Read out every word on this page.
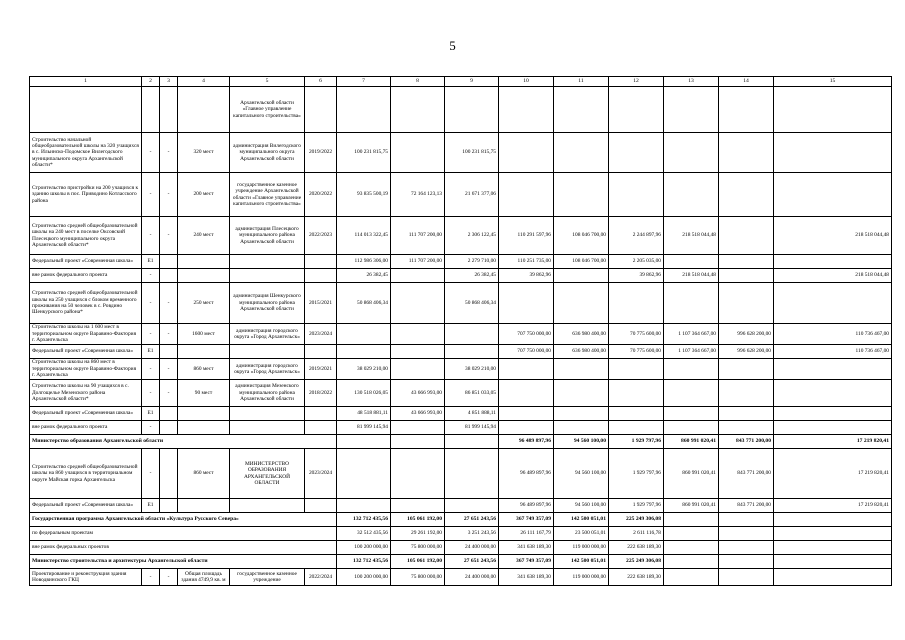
5
1	2	3	4	5	6	7	8	9	10	11	12	13	14	15
				Архангельской области «Главное управление капитального строительства»										
Строительство начальной общеобразовательной школы на 320 учащихся в с. Ильинско-Подомское Вилегодского муниципального округа Архангельской области*	-	-	320 мест	администрация Вилегодского муниципального округа Архангельской области	2019/2022	100 231 815,75		100 231 815,75						
Строительство пристройки на 200 учащихся к зданию школы в пос. Приводино Котласского района	-	-	200 мест	государственное казенное учреждение Архангельской области «Главное управление капитального строительства»	2020/2022	93 835 500,19	72 164 123,13	21 671 377,06						
Строительство средней общеобразовательной школы на 240 мест в поселке Оксовский Плесецкого муниципального округа Архангельской области*	-	-	240 мест	администрация Плесецкого муниципального района Архангельской области	2022/2023	114 013 322,45	111 707 200,00	2 306 122,45	110 291 597,96	108 046 700,00	2 244 897,96	218 518 044,48		218 518 044,48
Федеральный проект «Современная школа»	Е1					112 986 306,00	111 707 200,00	2 279 710,00	110 251 735,00	108 046 700,00	2 205 035,00			
вне рамок федерального проекта	-					26 382,45		26 382,45	39 862,96		39 862,96	218 518 044,48		218 518 044,48
Строительство средней общеобразовательной школы на 250 учащихся с блоком временного проживания на 50 человек в с. Ровдино Шенкурского района*	-	-	250 мест	администрация Шенкурского муниципального района Архангельской области	2015/2021	50 868 406,34		50 868 406,34						
Строительство школы на 1 600 мест в территориальном округе Варавино-Фактория г. Архангельска	-	-	1600 мест	администрация городского округа «Город Архангельск»	2023/2024				707 750 000,00	636 980 400,00	70 775 600,00	1 107 364 667,00	996 628 200,00	110 736 467,00
Федеральный проект «Современная школа»	Е1								707 750 000,00	636 980 400,00	70 775 600,00	1 107 364 667,00	996 628 200,00	110 736 467,00
Строительство школы на 860 мест в территориальном округе Варавино-Фактория г. Архангельска	-	-	860 мест	администрация городского округа «Город Архангельск»	2019/2021	38 029 210,00		38 029 210,00						
Строительство школы на 90 учащихся в с. Долгощелье Мезенского района Архангельской области*	-	-	90 мест	администрация Мезенского муниципального района Архангельской области	2018/2022	130 518 026,05	43 666 993,00	86 851 033,05						
Федеральный проект «Современная школа»	Е1					48 518 881,11	43 666 993,00	4 851 888,11						
вне рамок федерального проекта	-					81 999 145,94		81 999 145,94						
Министерство образования Архангельской области									96 489 897,96	94 560 100,00	1 929 797,96	860 991 020,41	843 771 200,00	17 219 820,41
Строительство средней общеобразовательной школы на 860 учащихся в территориальном округе Майская горка Архангельска	-		860 мест	МИНИСТЕРСТВО ОБРАЗОВАНИЯ АРХАНГЕЛЬСКОЙ ОБЛАСТИ	2023/2024				96 489 897,96	94 560 100,00	1 929 797,96	860 991 020,41	843 771 200,00	17 219 820,41
Федеральный проект «Современная школа»	Е1								96 489 897,96	94 560 100,00	1 929 797,96	860 991 020,41	843 771 200,00	17 219 820,41
Государственная программа Архангельской области «Культура Русского Севера»						132 712 435,56	105 061 192,00	27 651 243,56	367 749 357,09	142 500 051,01	225 249 306,08			
по федеральным проектам						32 512 435,56	29 261 192,00	3 251 243,56	26 111 167,79	23 500 051,01	2 611 116,78			
вне рамок федеральных проектов						100 200 000,00	75 800 000,00	24 400 000,00	341 638 189,30	119 000 000,00	222 638 189,30			
Министерство строительства и архитектуры Архангельской области						132 712 435,56	105 061 192,00	27 651 243,56	367 749 357,09	142 500 051,01	225 249 306,08			
Проектирование и реконструкция здания Новодвинского ГКЦ	-	-	Общая площадь здания 4749,9 кв. м	государственное казенное учреждение	2022/2024	100 200 000,00	75 800 000,00	24 400 000,00	341 638 189,30	119 000 000,00	222 638 189,30			
